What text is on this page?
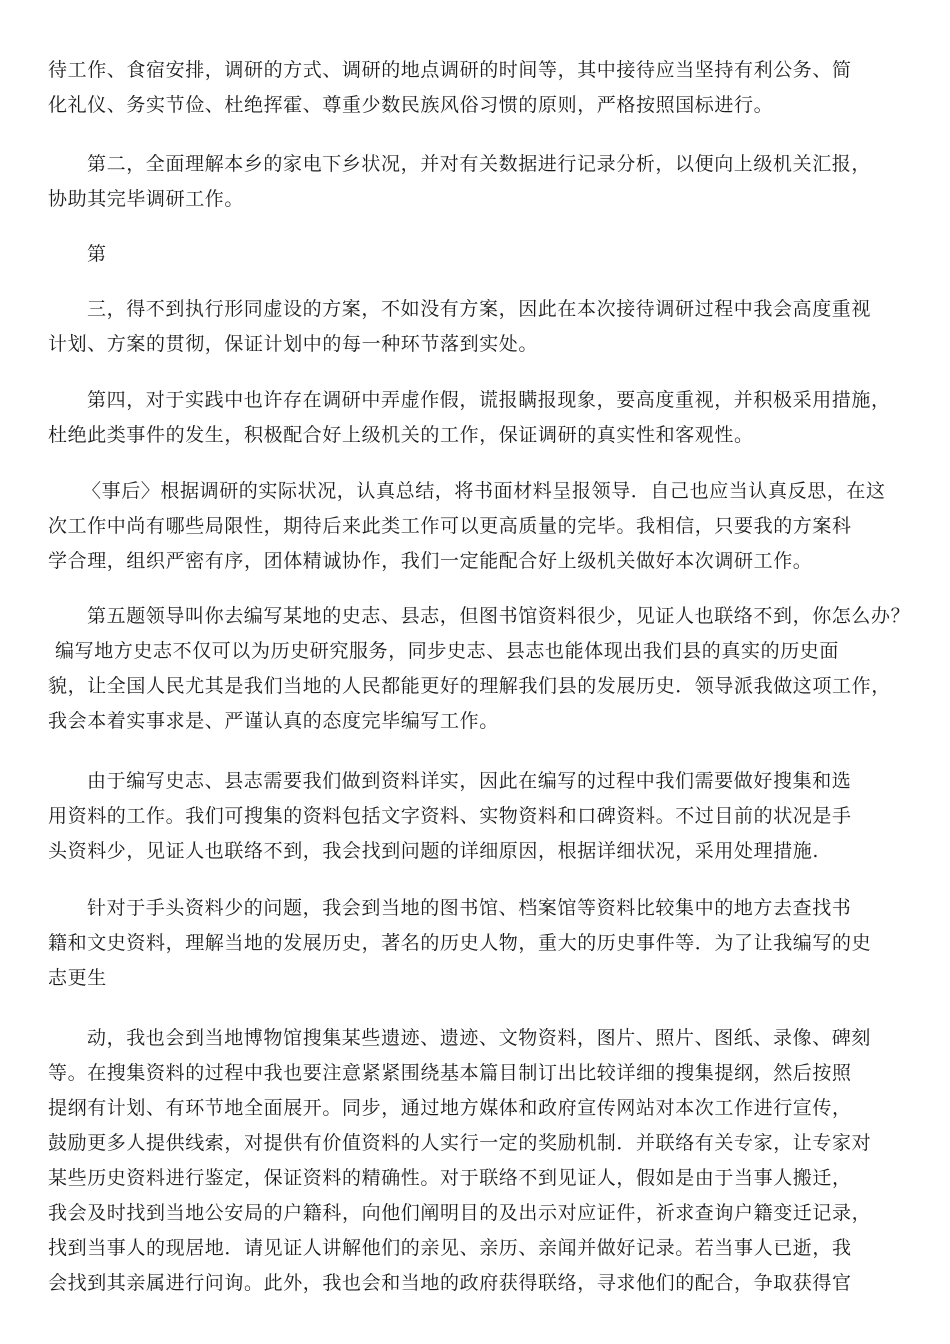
待工作、食宿安排，调研的方式、调研的地点调研的时间等，其中接待应当坚持有利公务、简
化礼仪、务实节俭、杜绝挥霍、尊重少数民族风俗习惯的原则，严格按照国标进行。
第二，全面理解本乡的家电下乡状况，并对有关数据进行记录分析，以便向上级机关汇报，
协助其完毕调研工作。
第
三，得不到执行形同虚设的方案，不如没有方案，因此在本次接待调研过程中我会高度重视
计划、方案的贯彻，保证计划中的每一种环节落到实处。
第四，对于实践中也许存在调研中弄虚作假，谎报瞒报现象，要高度重视，并积极采用措施，
杜绝此类事件的发生，积极配合好上级机关的工作，保证调研的真实性和客观性。
〈事后〉根据调研的实际状况，认真总结，将书面材料呈报领导．自己也应当认真反思，在这
次工作中尚有哪些局限性，期待后来此类工作可以更高质量的完毕。我相信，只要我的方案科
学合理，组织严密有序，团体精诚协作，我们一定能配合好上级机关做好本次调研工作。
第五题领导叫你去编写某地的史志、县志，但图书馆资料很少，见证人也联络不到，你怎么办？
编写地方史志不仅可以为历史研究服务，同步史志、县志也能体现出我们县的真实的历史面
貌，让全国人民尤其是我们当地的人民都能更好的理解我们县的发展历史．领导派我做这项工作，
我会本着实事求是、严谨认真的态度完毕编写工作。
由于编写史志、县志需要我们做到资料详实，因此在编写的过程中我们需要做好搜集和选
用资料的工作。我们可搜集的资料包括文字资料、实物资料和口碑资料。不过目前的状况是手
头资料少，见证人也联络不到，我会找到问题的详细原因，根据详细状况，采用处理措施.
针对于手头资料少的问题，我会到当地的图书馆、档案馆等资料比较集中的地方去查找书
籍和文史资料，理解当地的发展历史，著名的历史人物，重大的历史事件等．为了让我编写的史
志更生
动，我也会到当地博物馆搜集某些遗迹、遗迹、文物资料，图片、照片、图纸、录像、碑刻
等。在搜集资料的过程中我也要注意紧紧围绕基本篇目制订出比较详细的搜集提纲，然后按照
提纲有计划、有环节地全面展开。同步，通过地方媒体和政府宣传网站对本次工作进行宣传，
鼓励更多人提供线索，对提供有价值资料的人实行一定的奖励机制．并联络有关专家，让专家对
某些历史资料进行鉴定，保证资料的精确性。对于联络不到见证人，假如是由于当事人搬迁，
我会及时找到当地公安局的户籍科，向他们阐明目的及出示对应证件，祈求查询户籍变迁记录，
找到当事人的现居地．请见证人讲解他们的亲见、亲历、亲闻并做好记录。若当事人已逝，我
会找到其亲属进行问询。此外，我也会和当地的政府获得联络，寻求他们的配合，争取获得官
